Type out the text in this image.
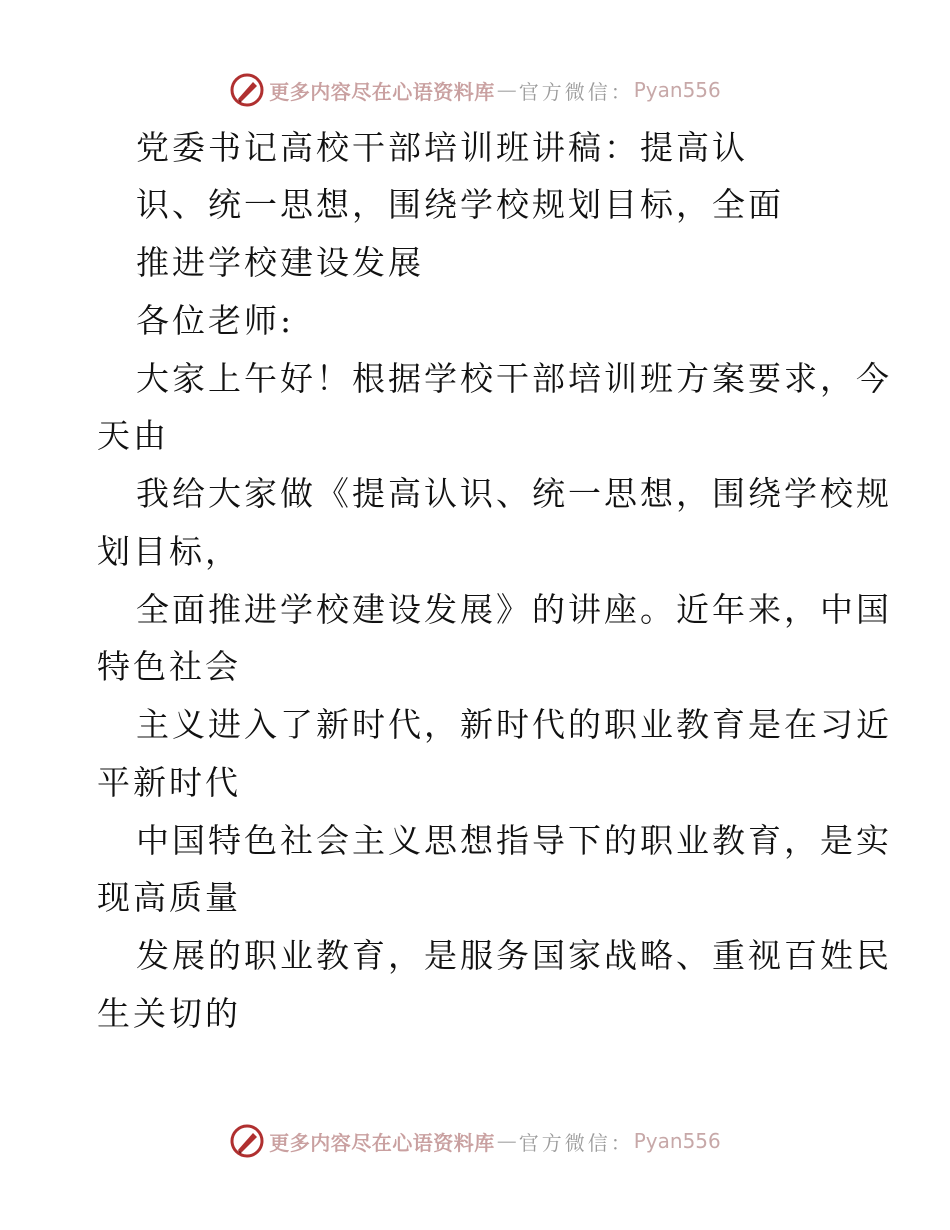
更多内容尽在心语资料库 — 官方微信： Pyan556
党委书记高校干部培训班讲稿：提高认
识、统一思想，围绕学校规划目标，全面
推进学校建设发展
各位老师:
大家上午好！根据学校干部培训班方案要求，今
天由
我给大家做《提高认识、统一思想，围绕学校规
划目标，
全面推进学校建设发展》的讲座。近年来，中国
特色社会
主义进入了新时代，新时代的职业教育是在习近
平新时代
中国特色社会主义思想指导下的职业教育，是实
现高质量
发展的职业教育，是服务国家战略、重视百姓民
生关切的
更多内容尽在心语资料库 — 官方微信： Pyan556
